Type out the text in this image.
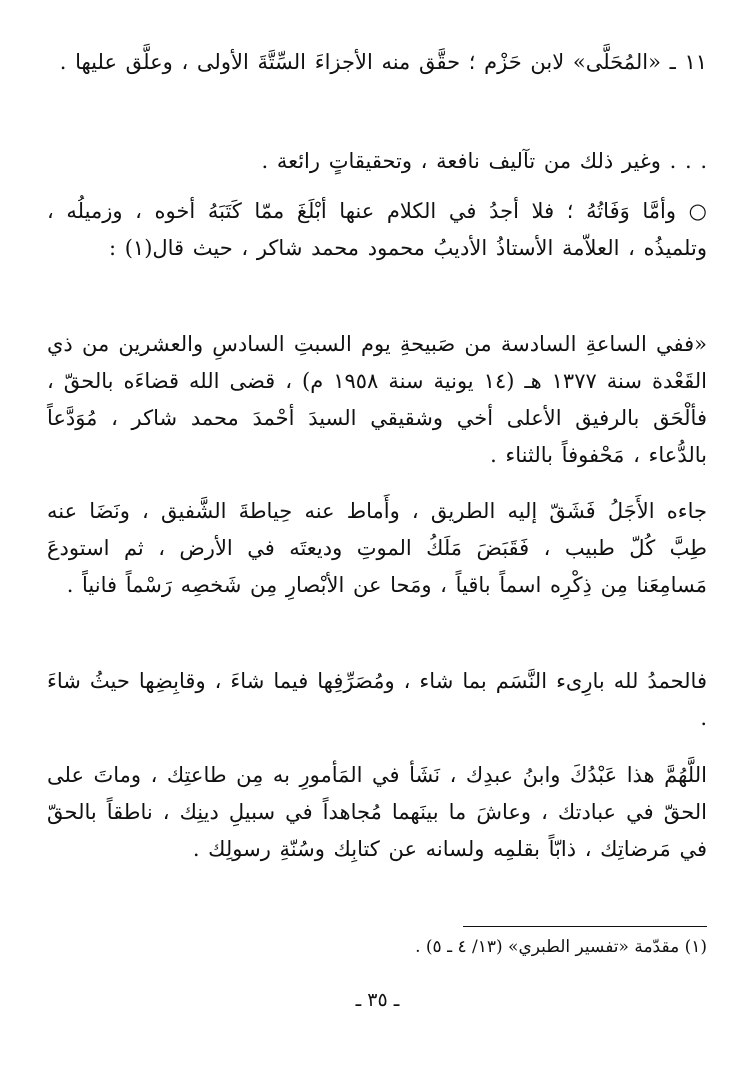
١١ ـ «المُحَلَّى» لابن حَزْم ؛ حقَّق منه الأجزاءَ السِّتَّةَ الأولى ، وعلَّق عليها .

. . . وغير ذلك من تآليف نافعة ، وتحقيقاتٍ رائعة .

○ وأمَّا وَفَاتُهُ ؛ فلا أجدُ في الكلام عنها أبْلَغَ ممّا كَتَبَهُ أخوه ، وزميلُه ، وتلميذُه ، العلاّمة الأستاذُ الأديبُ محمود محمد شاكر ، حيث قال(١) :

«ففي الساعةِ السادسة من صَبيحةِ يوم السبتِ السادسِ والعشرين من ذي القَعْدة سنة ١٣٧٧ هـ (١٤ يونية سنة ١٩٥٨ م) ، قضى الله قضاءَه بالحقّ ، فألْحَق بالرفيق الأعلى أخي وشقيقي السيدَ أحْمدَ محمد شاكر ، مُوَدَّعاً بالدُّعاء ، مَحْفوفاً بالثناء .

جاءه الأَجَلُ فَشَقّ إليه الطريق ، وأَماط عنه حِياطةَ الشَّفيق ، ونَضَا عنه طِبَّ كُلّ طبيب ، فَقَبَضَ مَلَكُ الموتِ وديعتَه في الأرض ، ثم استودعَ مَسامِعَنا مِن ذِكْرِه اسماً باقياً ، ومَحا عن الأبْصارِ مِن شَخصِه رَسْماً فانياً .

فالحمدُ لله بارِىء النَّسَم بما شاء ، ومُصَرِّفِها فيما شاءَ ، وقابِضِها حيثُ شاءَ .

اللَّهُمَّ هذا عَبْدُكَ وابنُ عبدِك ، نَشَأ في المَأمورِ به مِن طاعتِك ، وماتَ على الحقّ في عبادتك ، وعاشَ ما بينَهما مُجاهداً في سبيلِ دينِك ، ناطقاً بالحقّ في مَرضاتِك ، ذابّاً بقلمِه ولسانه عن كتابِك وسُنّةِ رسولِك .

(١) مقدّمة «تفسير الطبري» (١٣/ ٤ ـ ٥) .

ـ ٣٥ ـ
